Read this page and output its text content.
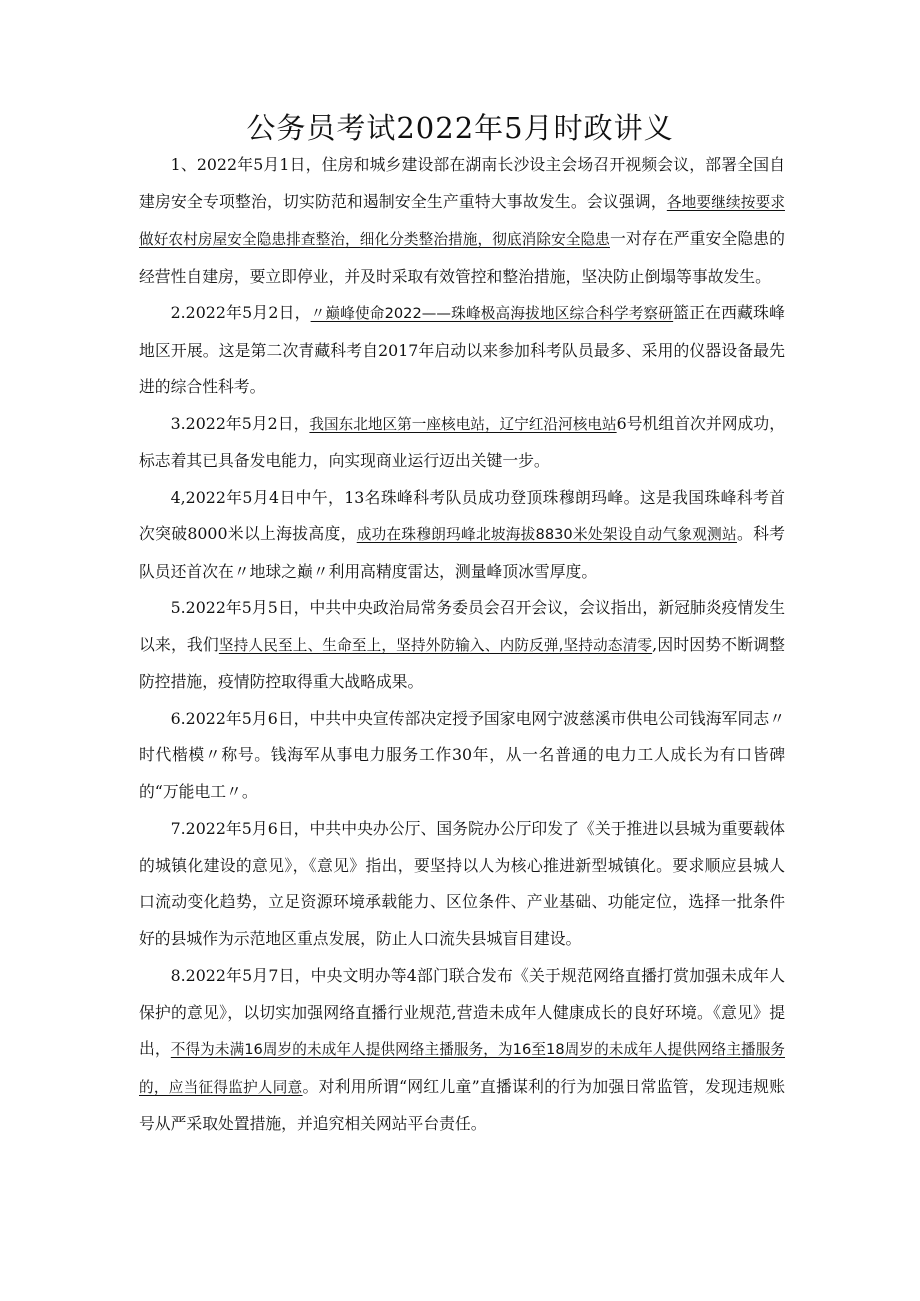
公务员考试2022年5月时政讲义

1、2022年5月1日，住房和城乡建设部在湖南长沙设主会场召开视频会议，部署全国自建房安全专项整治，切实防范和遏制安全生产重特大事故发生。会议强调，各地要继续按要求做好农村房屋安全隐患排查整治，细化分类整治措施，彻底消除安全隐患一对存在严重安全隐患的经营性自建房，要立即停业，并及时采取有效管控和整治措施，坚决防止倒塌等事故发生。

2.2022年5月2日，〃巅峰使命2022——珠峰极高海拔地区综合科学考察研篮正在西藏珠峰地区开展。这是第二次青藏科考自2017年启动以来参加科考队员最多、采用的仪器设备最先进的综合性科考。

3.2022年5月2日，我国东北地区第一座核电站，辽宁红沿河核电站6号机组首次并网成功，标志着其已具备发电能力，向实现商业运行迈出关键一步。

4,2022年5月4日中午，13名珠峰科考队员成功登顶珠穆朗玛峰。这是我国珠峰科考首次突破8000米以上海拔高度，成功在珠穆朗玛峰北坡海拔8830米处架设自动气象观测站。科考队员还首次在〃地球之巅〃利用高精度雷达，测量峰顶冰雪厚度。

5.2022年5月5日，中共中央政治局常务委员会召开会议，会议指出，新冠肺炎疫情发生以来，我们坚持人民至上、生命至上，坚持外防输入、内防反弹,坚持动态清零,因时因势不断调整防控措施，疫情防控取得重大战略成果。

6.2022年5月6日，中共中央宣传部决定授予国家电网宁波慈溪市供电公司钱海军同志〃时代楷模〃称号。钱海军从事电力服务工作30年，从一名普通的电力工人成长为有口皆碑的“万能电工〃。

7.2022年5月6日，中共中央办公厅、国务院办公厅印发了《关于推进以县城为重要载体的城镇化建设的意见》，《意见》指出，要坚持以人为核心推进新型城镇化。要求顺应县城人口流动变化趋势，立足资源环境承载能力、区位条件、产业基础、功能定位，选择一批条件好的县城作为示范地区重点发展，防止人口流失县城盲目建设。

8.2022年5月7日，中央文明办等4部门联合发布《关于规范网络直播打赏加强未成年人保护的意见》，以切实加强网络直播行业规范,营造未成年人健康成长的良好环境。《意见》提出，不得为未满16周岁的未成年人提供网络主播服务，为16至18周岁的未成年人提供网络主播服务的，应当征得监护人同意。对利用所谓“网红儿童”直播谋利的行为加强日常监管，发现违规账号从严采取处置措施，并追究相关网站平台责任。
